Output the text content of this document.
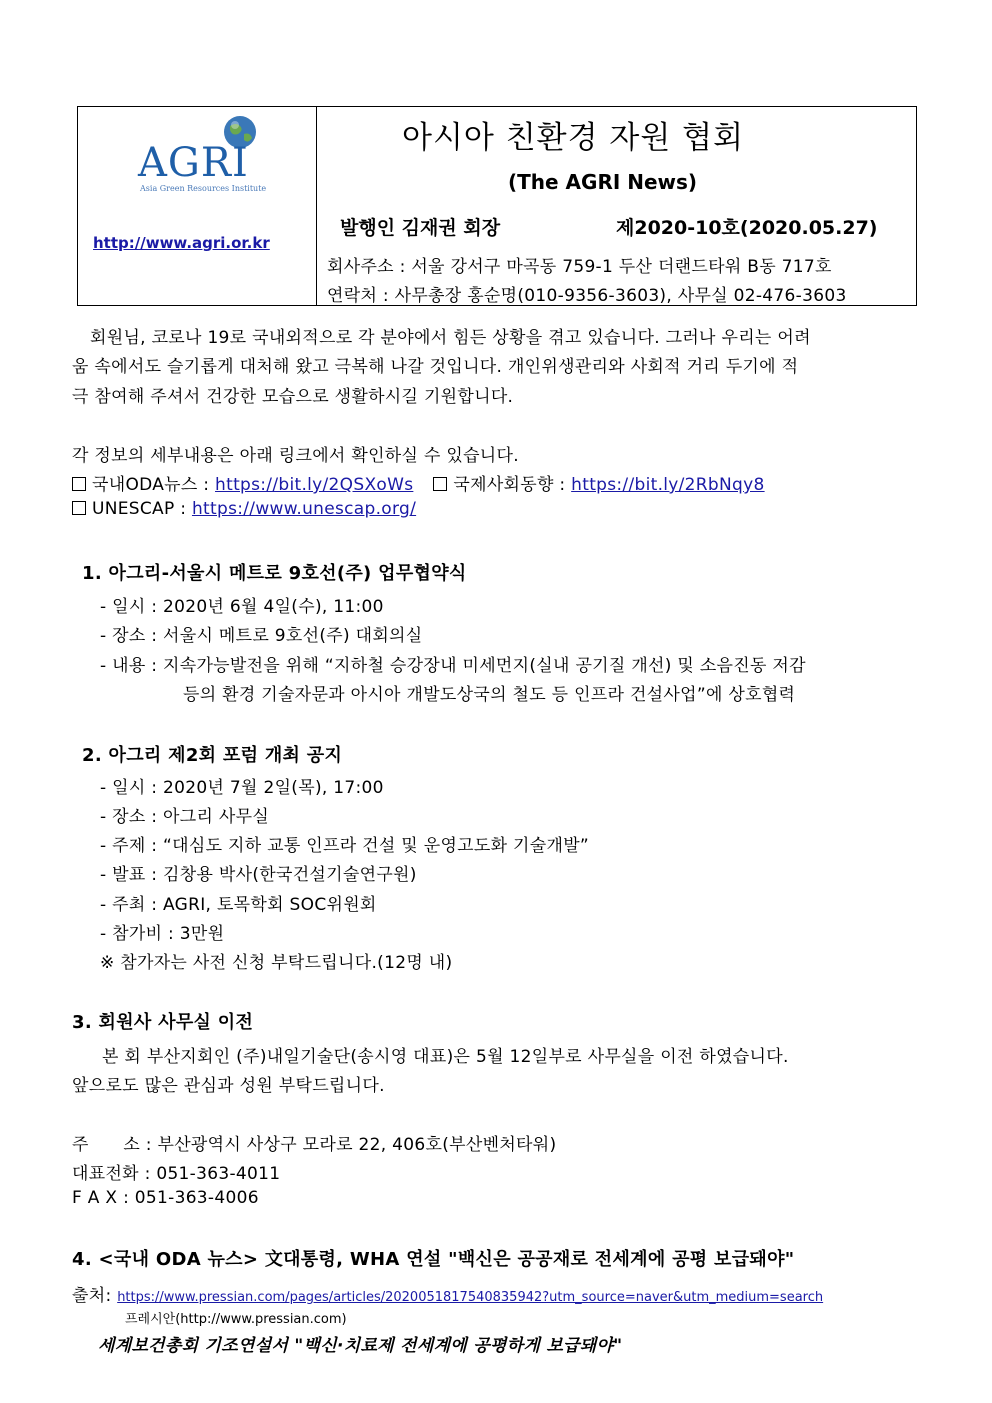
AGRI
Asia Green Resources Institute
http://www.agri.or.kr
아시아 친환경 자원 협회
(The AGRI News)
발행인 김재권 회장	제2020-10호(2020.05.27)
회사주소 : 서울 강서구 마곡동 759-1 두산 더랜드타워 B동 717호
연락처 : 사무총장 홍순명(010-9356-3603), 사무실 02-476-3603
회원님, 코로나 19로 국내외적으로 각 분야에서 힘든 상황을 겪고 있습니다. 그러나 우리는 어려
움 속에서도 슬기롭게 대처해 왔고 극복해 나갈 것입니다. 개인위생관리와 사회적 거리 두기에 적
극 참여해 주셔서 건강한 모습으로 생활하시길 기원합니다.
각 정보의 세부내용은 아래 링크에서 확인하실 수 있습니다.
국내ODA뉴스 : https://bit.ly/2QSXoWs 국제사회동향 : https://bit.ly/2RbNqy8
UNESCAP : https://www.unescap.org/
1. 아그리-서울시 메트로 9호선(주) 업무협약식
- 일시 : 2020년 6월 4일(수), 11:00
- 장소 : 서울시 메트로 9호선(주) 대회의실
- 내용 : 지속가능발전을 위해 “지하철 승강장내 미세먼지(실내 공기질 개선) 및 소음진동 저감
등의 환경 기술자문과 아시아 개발도상국의 철도 등 인프라 건설사업”에 상호협력
2. 아그리 제2회 포럼 개최 공지
- 일시 : 2020년 7월 2일(목), 17:00
- 장소 : 아그리 사무실
- 주제 : “대심도 지하 교통 인프라 건설 및 운영고도화 기술개발”
- 발표 : 김창용 박사(한국건설기술연구원)
- 주최 : AGRI, 토목학회 SOC위원회
- 참가비 : 3만원
※ 참가자는 사전 신청 부탁드립니다.(12명 내)
3. 회원사 사무실 이전
본 회 부산지회인 (주)내일기술단(송시영 대표)은 5월 12일부로 사무실을 이전 하였습니다.
앞으로도 많은 관심과 성원 부탁드립니다.
주　　소 : 부산광역시 사상구 모라로 22, 406호(부산벤처타워)
대표전화 : 051-363-4011
F A X : 051-363-4006
4. <국내 ODA 뉴스> 文대통령, WHA 연설 "백신은 공공재로 전세계에 공평 보급돼야"
출처: https://www.pressian.com/pages/articles/2020051817540835942?utm_source=naver&utm_medium=search
프레시안(http://www.pressian.com)
세계보건총회 기조연설서 "백신·치료제 전세계에 공평하게 보급돼야"
